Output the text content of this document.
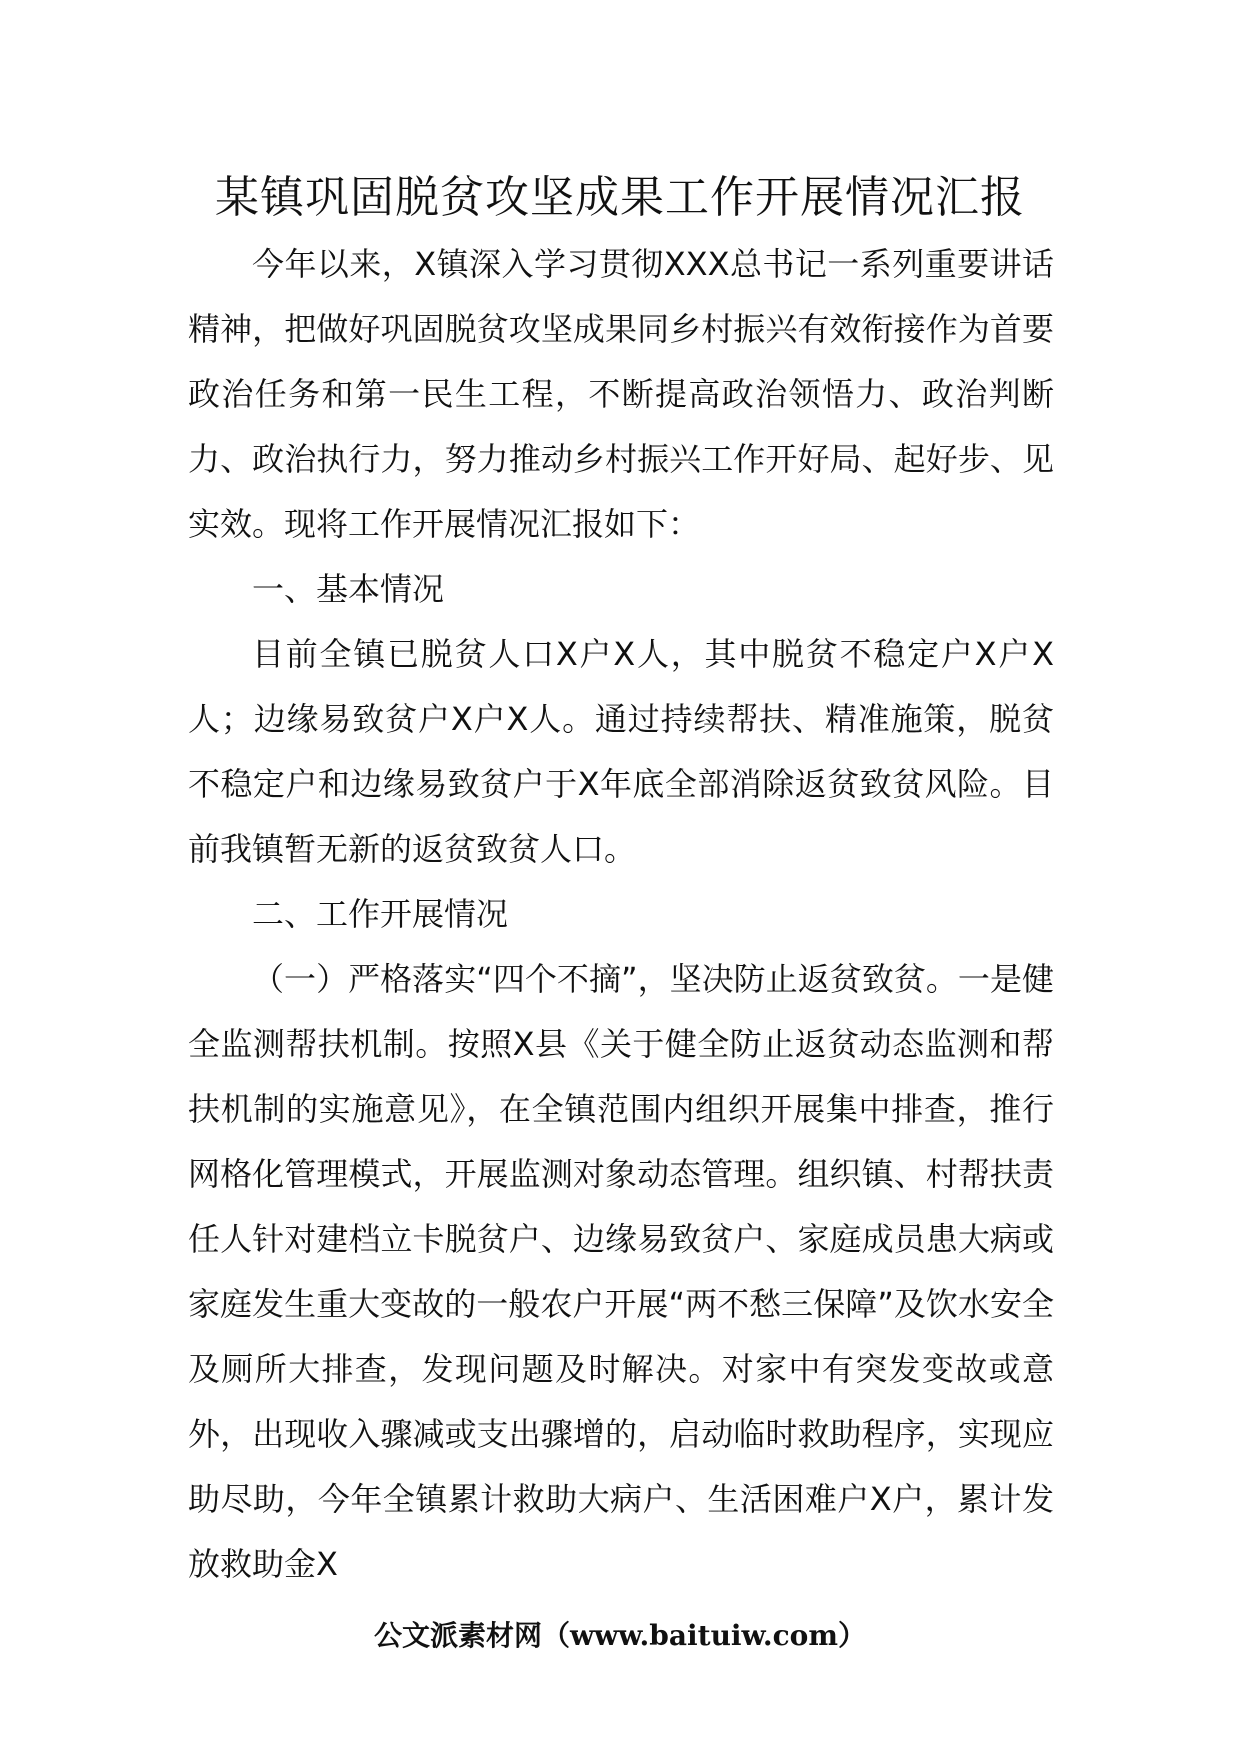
某镇巩固脱贫攻坚成果工作开展情况汇报

今年以来，X镇深入学习贯彻XXX总书记一系列重要讲话精神，把做好巩固脱贫攻坚成果同乡村振兴有效衔接作为首要政治任务和第一民生工程，不断提高政治领悟力、政治判断力、政治执行力，努力推动乡村振兴工作开好局、起好步、见实效。现将工作开展情况汇报如下：

一、基本情况

目前全镇已脱贫人口X户X人，其中脱贫不稳定户X户X人；边缘易致贫户X户X人。通过持续帮扶、精准施策，脱贫不稳定户和边缘易致贫户于X年底全部消除返贫致贫风险。目前我镇暂无新的返贫致贫人口。

二、工作开展情况

（一）严格落实“四个不摘”，坚决防止返贫致贫。一是健全监测帮扶机制。按照X县《关于健全防止返贫动态监测和帮扶机制的实施意见》，在全镇范围内组织开展集中排查，推行网格化管理模式，开展监测对象动态管理。组织镇、村帮扶责任人针对建档立卡脱贫户、边缘易致贫户、家庭成员患大病或家庭发生重大变故的一般农户开展“两不愁三保障”及饮水安全及厕所大排查，发现问题及时解决。对家中有突发变故或意外，出现收入骤减或支出骤增的，启动临时救助程序，实现应助尽助，今年全镇累计救助大病户、生活困难户X户，累计发放救助金X

公文派素材网（www.baituiw.com）
